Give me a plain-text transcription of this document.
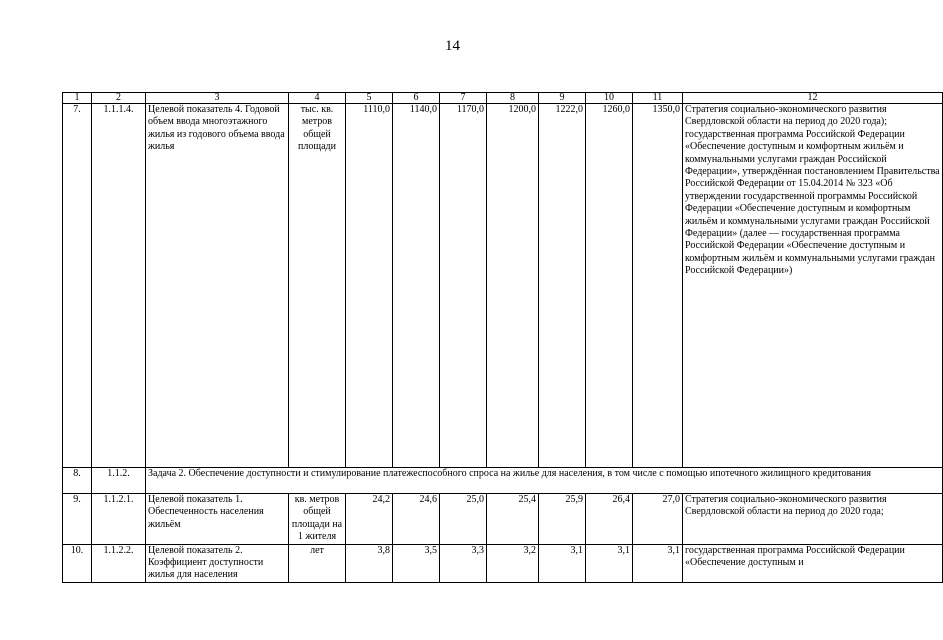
14
1	2	3	4	5	6	7	8	9	10	11	12
7.	1.1.1.4.	Целевой показатель 4. Годовой объем ввода многоэтажного жилья из годового объема ввода жилья	тыс. кв. метров общей площади	1110,0	1140,0	1170,0	1200,0	1222,0	1260,0	1350,0	Стратегия социально-экономического развития Свердловской области на период до 2020 года); государственная программа Российской Федерации «Обеспечение доступным и комфортным жильём и коммунальными услугами граждан Российской Федерации», утверждённая постановлением Правительства Российской Федерации от 15.04.2014 № 323 «Об утверждении государственной программы Российской Федерации «Обеспечение доступным и комфортным жильём и коммунальными услугами граждан Российской Федерации» (далее — государственная программа Российской Федерации «Обеспечение доступным и комфортным жильём и коммунальными услугами граждан Российской Федерации»)
8.	1.1.2.	Задача 2. Обеспечение доступности и стимулирование платежеспособного спроса на жилье для населения, в том числе с помощью ипотечного жилищного кредитования									
9.	1.1.2.1.	Целевой показатель 1. Обеспеченность населения жильём	кв. метров общей площади на 1 жителя	24,2	24,6	25,0	25,4	25,9	26,4	27,0	Стратегия социально-экономического развития Свердловской области на период до 2020 года;
10.	1.1.2.2.	Целевой показатель 2. Коэффициент доступности жилья для населения	лет	3,8	3,5	3,3	3,2	3,1	3,1	3,1	государственная программа Российской Федерации «Обеспечение доступным и
